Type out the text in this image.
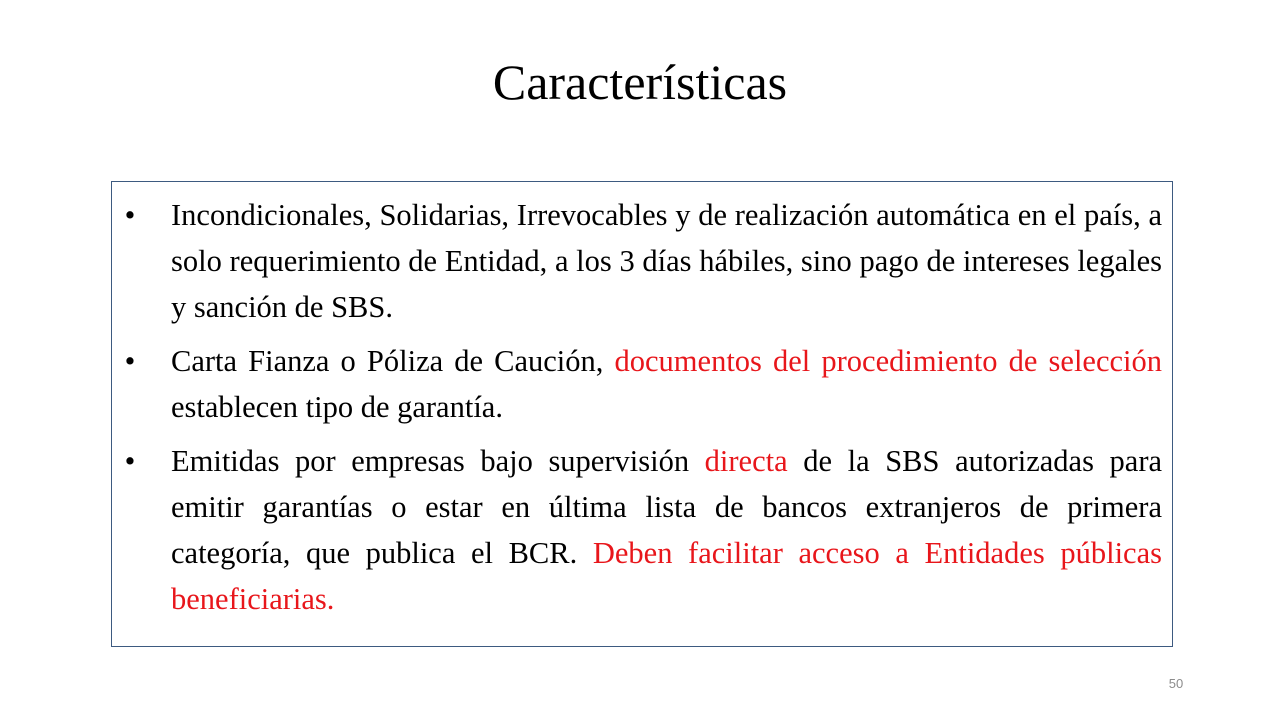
Características
• Incondicionales, Solidarias, Irrevocables y de realización automática en el país, a solo requerimiento de Entidad, a los 3 días hábiles, sino pago de intereses legales y sanción de SBS.
• Carta Fianza o Póliza de Caución, documentos del procedimiento de selección establecen tipo de garantía.
• Emitidas por empresas bajo supervisión directa de la SBS autorizadas para emitir garantías o estar en última lista de bancos extranjeros de primera categoría, que publica el BCR. Deben facilitar acceso a Entidades públicas beneficiarias.
50
